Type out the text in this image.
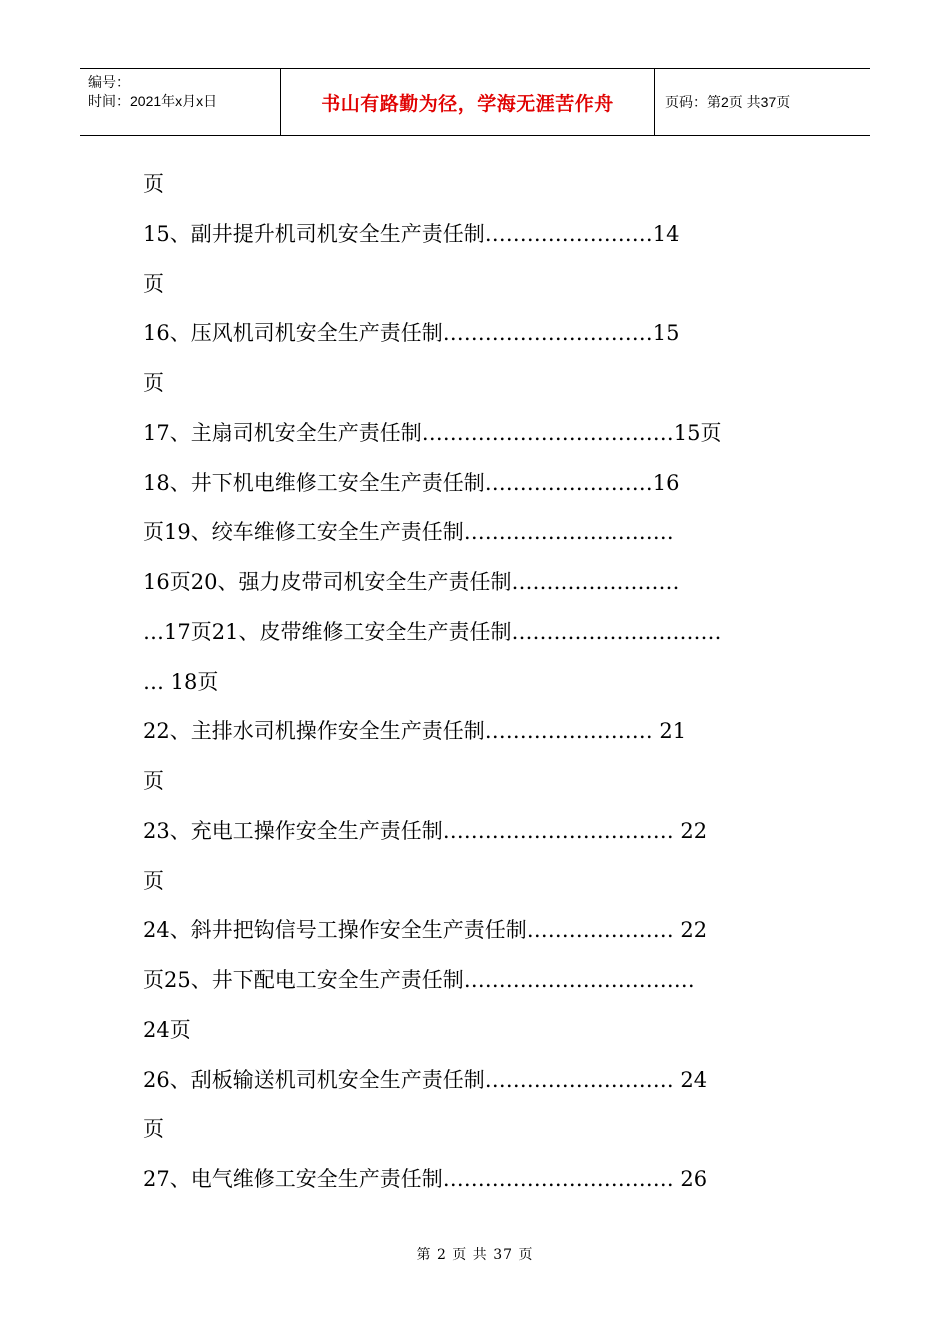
编号：
时间：2021年x月x日	书山有路勤为径，学海无涯苦作舟	页码：第2页 共37页
页
15、副井提升机司机安全生产责任制……………………14
页
16、压风机司机安全生产责任制…………………………15
页
17、主扇司机安全生产责任制………………………………15页
18、井下机电维修工安全生产责任制……………………16
页19、绞车维修工安全生产责任制…………………………
16页20、强力皮带司机安全生产责任制……………………
…17页21、皮带维修工安全生产责任制…………………………
… 18页
22、主排水司机操作安全生产责任制…………………… 21
页
23、充电工操作安全生产责任制…………………………… 22
页
24、斜井把钩信号工操作安全生产责任制………………… 22
页25、井下配电工安全生产责任制……………………………
24页
26、刮板输送机司机安全生产责任制……………………… 24
页
27、电气维修工安全生产责任制…………………………… 26
第 2 页 共 37 页
